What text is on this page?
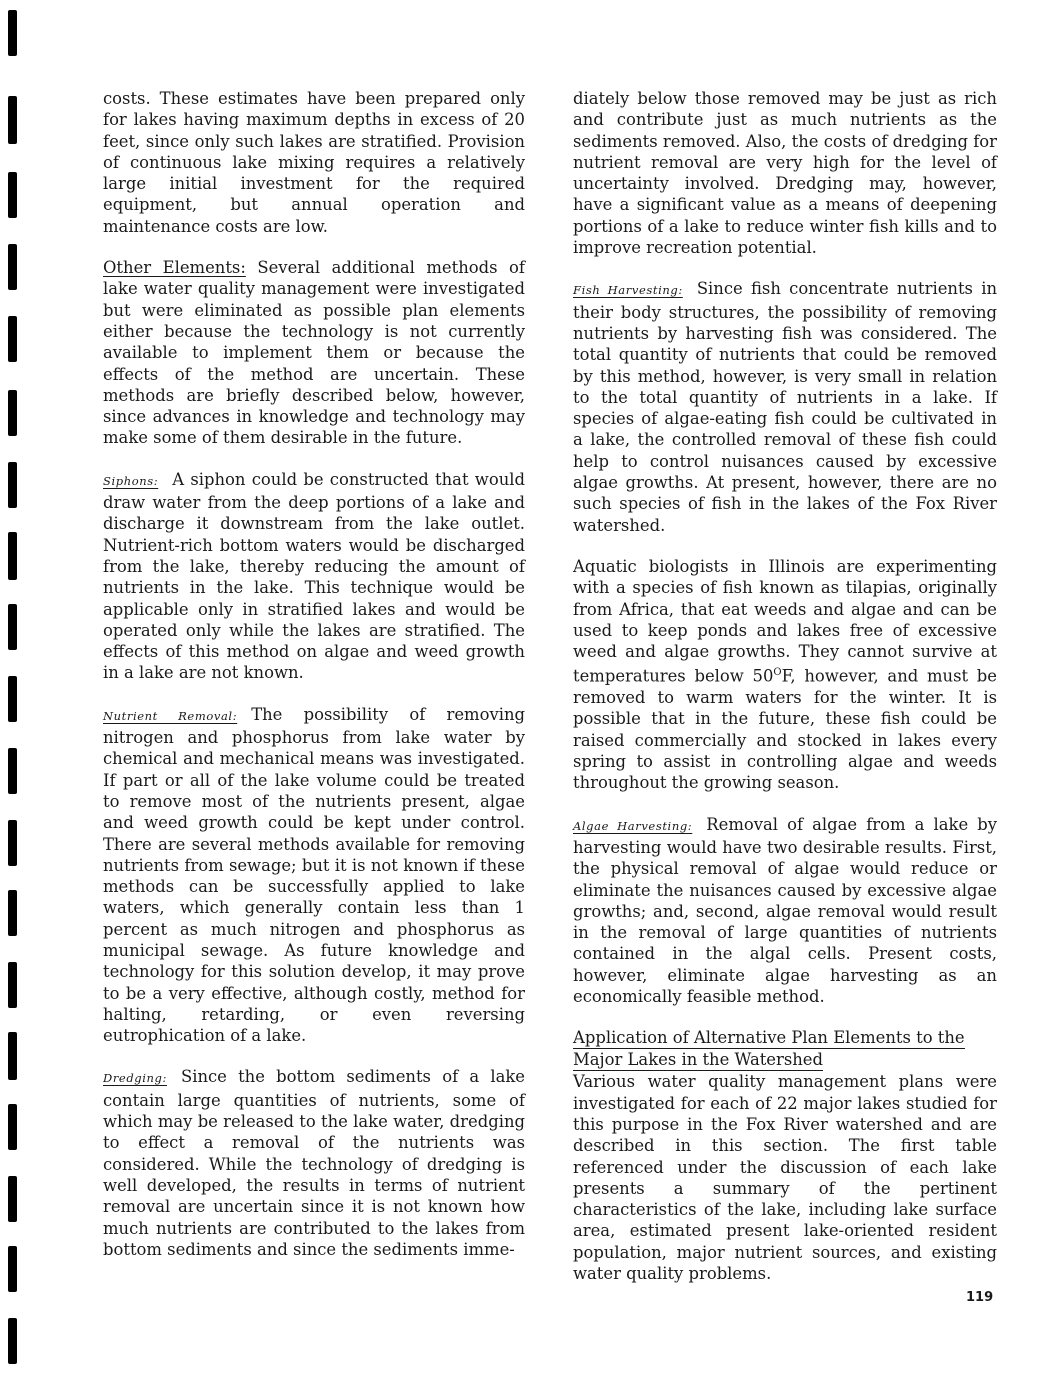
costs. These estimates have been prepared only for lakes having maximum depths in excess of 20 feet, since only such lakes are stratified. Provision of continuous lake mixing requires a relatively large initial investment for the required equipment, but annual operation and maintenance costs are low.

Other Elements: Several additional methods of lake water quality management were investigated but were eliminated as possible plan elements either because the technology is not currently available to implement them or because the effects of the method are uncertain. These methods are briefly described below, however, since advances in knowledge and technology may make some of them desirable in the future.

Siphons: A siphon could be constructed that would draw water from the deep portions of a lake and discharge it downstream from the lake outlet. Nutrient-rich bottom waters would be discharged from the lake, thereby reducing the amount of nutrients in the lake. This technique would be applicable only in stratified lakes and would be operated only while the lakes are stratified. The effects of this method on algae and weed growth in a lake are not known.

Nutrient Removal: The possibility of removing nitrogen and phosphorus from lake water by chemical and mechanical means was investigated. If part or all of the lake volume could be treated to remove most of the nutrients present, algae and weed growth could be kept under control. There are several methods available for removing nutrients from sewage; but it is not known if these methods can be successfully applied to lake waters, which generally contain less than 1 percent as much nitrogen and phosphorus as municipal sewage. As future knowledge and technology for this solution develop, it may prove to be a very effective, although costly, method for halting, retarding, or even reversing eutrophication of a lake.

Dredging: Since the bottom sediments of a lake contain large quantities of nutrients, some of which may be released to the lake water, dredging to effect a removal of the nutrients was considered. While the technology of dredging is well developed, the results in terms of nutrient removal are uncertain since it is not known how much nutrients are contributed to the lakes from bottom sediments and since the sediments imme-

diately below those removed may be just as rich and contribute just as much nutrients as the sediments removed. Also, the costs of dredging for nutrient removal are very high for the level of uncertainty involved. Dredging may, however, have a significant value as a means of deepening portions of a lake to reduce winter fish kills and to improve recreation potential.

Fish Harvesting: Since fish concentrate nutrients in their body structures, the possibility of removing nutrients by harvesting fish was considered. The total quantity of nutrients that could be removed by this method, however, is very small in relation to the total quantity of nutrients in a lake. If species of algae-eating fish could be cultivated in a lake, the controlled removal of these fish could help to control nuisances caused by excessive algae growths. At present, however, there are no such species of fish in the lakes of the Fox River watershed.

Aquatic biologists in Illinois are experimenting with a species of fish known as tilapias, originally from Africa, that eat weeds and algae and can be used to keep ponds and lakes free of excessive weed and algae growths. They cannot survive at temperatures below $50^OF$, however, and must be removed to warm waters for the winter. It is possible that in the future, these fish could be raised commercially and stocked in lakes every spring to assist in controlling algae and weeds throughout the growing season.

Algae Harvesting: Removal of algae from a lake by harvesting would have two desirable results. First, the physical removal of algae would reduce or eliminate the nuisances caused by excessive algae growths; and, second, algae removal would result in the removal of large quantities of nutrients contained in the algal cells. Present costs, however, eliminate algae harvesting as an economically feasible method.

Application of Alternative Plan Elements to the
Major Lakes in the Watershed

Various water quality management plans were investigated for each of 22 major lakes studied for this purpose in the Fox River watershed and are described in this section. The first table referenced under the discussion of each lake presents a summary of the pertinent characteristics of the lake, including lake surface area, estimated present lake-oriented resident population, major nutrient sources, and existing water quality problems.

119
